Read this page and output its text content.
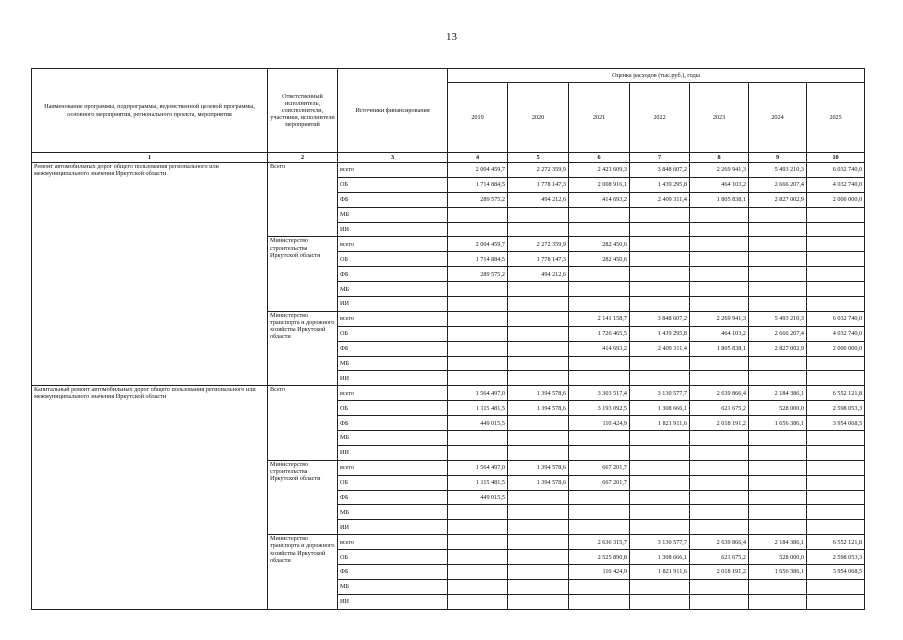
13
Наименование программы, подпрограммы, ведомственной целевой программы, основного мероприятия, регионального проекта, мероприятия	Ответственный исполнитель, соисполнители, участники, исполнители мероприятий	Источники финансирования	Оценка расходов (тыс.руб.), годы						
			2019	2020	2021	2022	2023	2024	2025
1	2	3	4	5	6	7	8	9	10
Ремонт автомобильных дорог общего пользования регионального или межмуниципального значения Иркутской области	Всего	всего	2 004 459,7	2 272 359,9	2 423 609,3	3 848 607,2	2 269 941,3	5 493 210,3	6 032 740,0
		ОБ	1 714 884,5	1 778 147,3	2 008 916,1	1 439 295,8	464 103,2	2 666 207,4	4 032 740,0
		ФБ	289 575,2	494 212,6	414 693,2	2 409 311,4	1 805 838,1	2 827 002,9	2 000 000,0
		МБ							
		ИИ							
	Министерство строительства Иркутской области	всего	2 004 459,7	2 272 359,9	282 450,6				
		ОБ	1 714 884,5	1 778 147,3	282 450,6				
		ФБ	289 575,2	494 212,6					
		МБ							
		ИИ							
	Министерство транспорта и дорожного хозяйства Иркутской области	всего			2 141 158,7	3 848 607,2	2 269 941,3	5 493 210,3	6 032 740,0
		ОБ			1 726 465,5	1 439 295,8	464 103,2	2 666 207,4	4 032 740,0
		ФБ			414 693,2	2 409 311,4	1 805 838,1	2 827 002,9	2 000 000,0
		МБ							
		ИИ							
Капитальный ремонт автомобильных дорог общего пользования регионального или межмуниципального значения Иркутской области	Всего	всего	1 564 497,0	1 394 578,6	3 303 517,4	3 130 577,7	2 639 866,4	2 184 386,1	6 552 121,8
		ОБ	1 115 481,5	1 394 578,6	3 193 092,5	1 308 666,1	621 675,2	528 000,0	2 598 053,3
		ФБ	449 015,5		110 424,9	1 821 911,6	2 018 191,2	1 656 386,1	3 954 068,5
		МБ							
		ИИ							
	Министерство строительства Иркутской области	всего	1 564 497,0	1 394 578,6	667 201,7				
		ОБ	1 115 481,5	1 394 578,6	667 201,7				
		ФБ	449 015,5						
		МБ							
		ИИ							
	Министерство транспорта и дорожного хозяйства Иркутской области	всего			2 636 315,7	3 130 577,7	2 639 866,4	2 184 386,1	6 552 121,8
		ОБ			2 525 890,8	1 308 666,1	621 675,2	528 000,0	2 598 053,3
		ФБ			110 424,9	1 821 911,6	2 018 191,2	1 656 386,1	3 954 068,5
		МБ							
		ИИ							
